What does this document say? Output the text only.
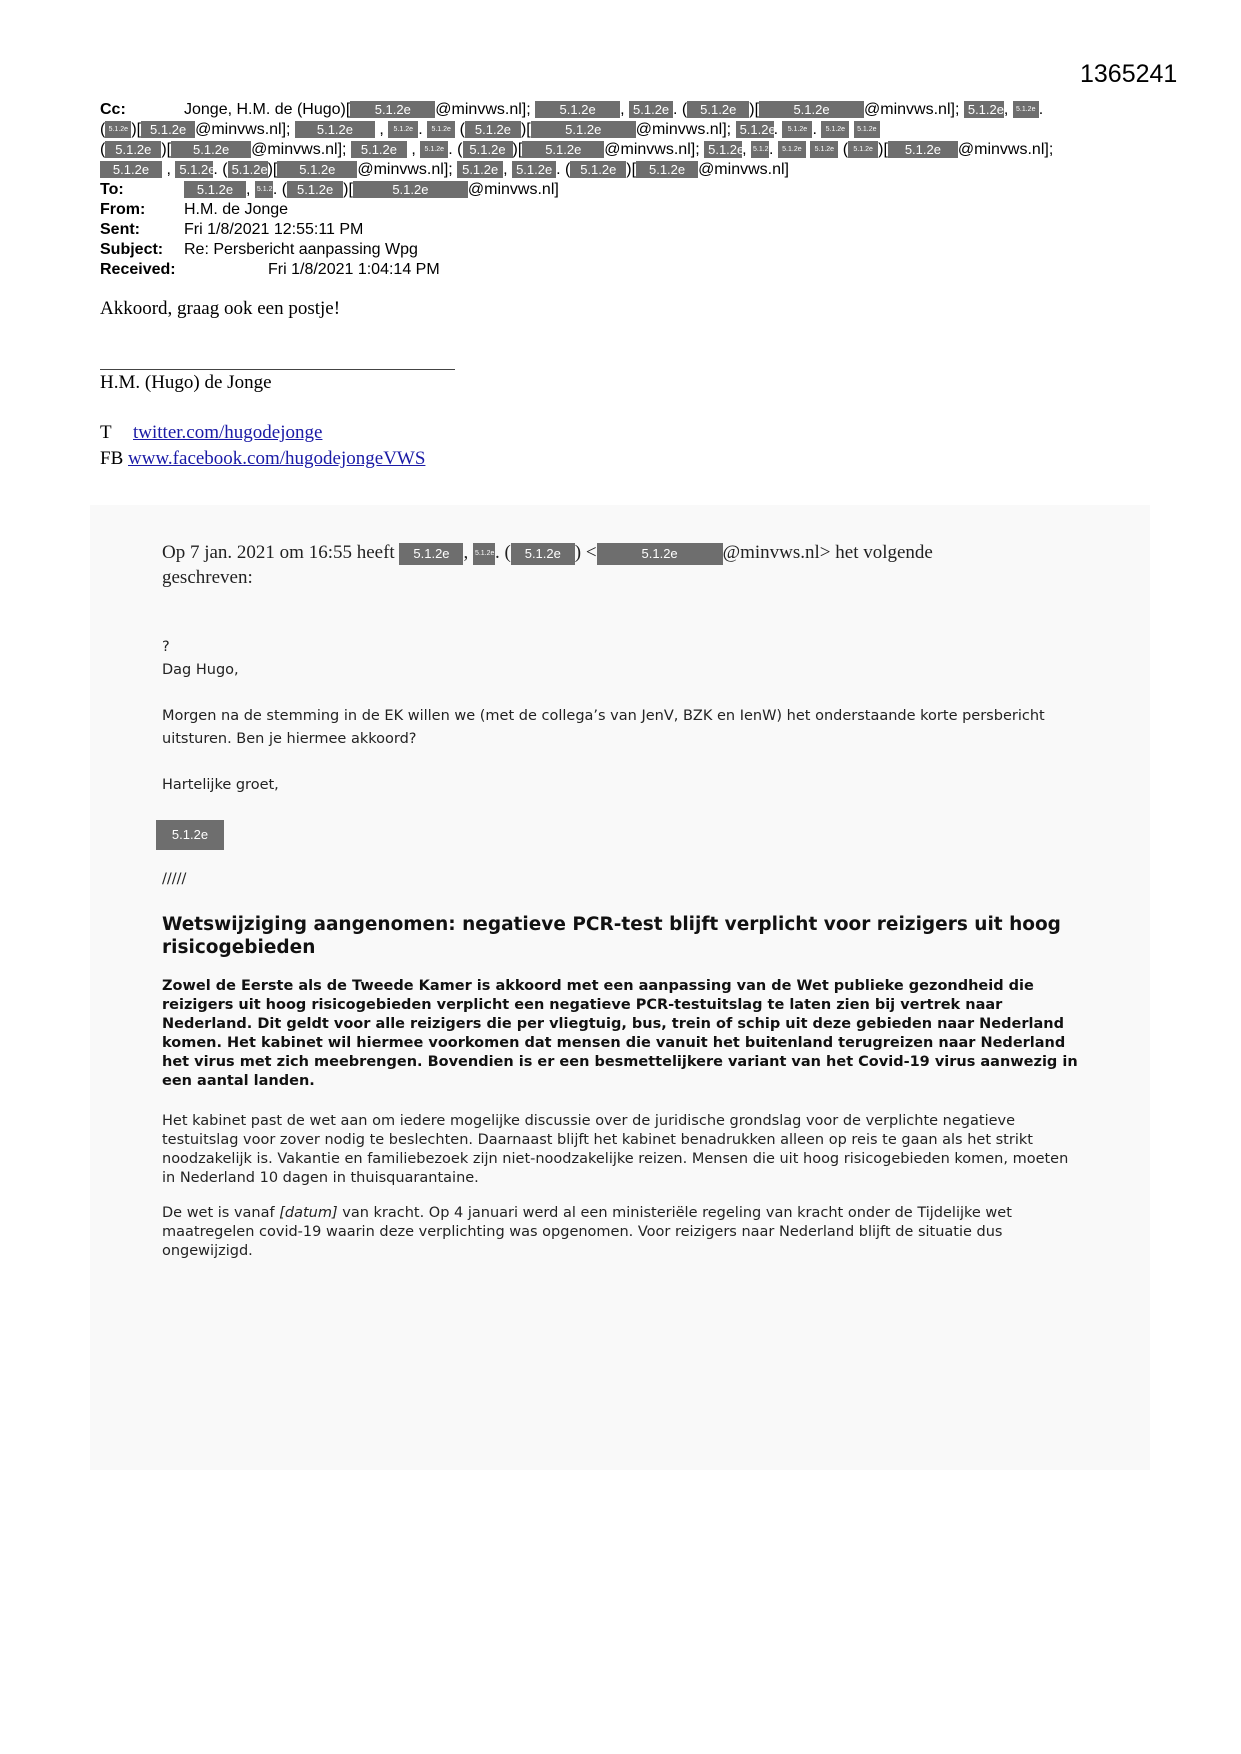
1365241
Cc:	Jonge, H.M. de (Hugo)[ 5.1.2e @minvws.nl]; 5.1.2e , 5.1.2e . ( 5.1.2e )[	5.1.2e @minvws.nl]; 5.1.2e, 5.1.2e .
( 5.1.2e )[ 5.1.2e @minvws.nl]; 5.1.2e , 5.1.2e . 5.1.2e ( 5.1.2e )[	5.1.2e @minvws.nl]; 5.1.2e. 5.1.2e . 5.1.2e 5.1.2e
( 5.1.2e )[ 5.1.2e @minvws.nl]; 5.1.2e , 5.1.2e . ( 5.1.2e )[ 5.1.2e @minvws.nl]; 5.1.2e, 5.1.2. 5.1.2e 5.1.2e ( 5.1.2e )[ 5.1.2e @minvws.nl];
5.1.2e , 5.1.2e. ( 5.1.2e)[ 5.1.2e @minvws.nl]; 5.1.2e , 5.1.2e . ( 5.1.2e )[ 5.1.2e @minvws.nl]
To:	5.1.2e , 5.1.2. ( 5.1.2e )[	5.1.2e @minvws.nl]
From: H.M. de Jonge
Sent:	Fri 1/8/2021 12:55:11 PM
Subject: Re: Persbericht aanpassing Wpg
Received:	Fri 1/8/2021 1:04:14 PM
Akkoord, graag ook een postje!
H.M. (Hugo) de Jonge
T twitter.com/hugodejonge
FB www.facebook.com/hugodejongeVWS
Op 7 jan. 2021 om 16:55 heeft 5.1.2e , 5.1.2e. ( 5.1.2e ) <	5.1.2e @minvws.nl> het volgende
geschreven:
?
Dag Hugo,
Morgen na de stemming in de EK willen we (met de collega’s van JenV, BZK en IenW) het onderstaande korte persbericht uitsturen. Ben je hiermee akkoord?
Hartelijke groet,
5.1.2e
/////
Wetswijziging aangenomen: negatieve PCR-test blijft verplicht voor reizigers uit hoog risicogebieden
Zowel de Eerste als de Tweede Kamer is akkoord met een aanpassing van de Wet publieke gezondheid die reizigers uit hoog risicogebieden verplicht een negatieve PCR-testuitslag te laten zien bij vertrek naar Nederland. Dit geldt voor alle reizigers die per vliegtuig, bus, trein of schip uit deze gebieden naar Nederland komen. Het kabinet wil hiermee voorkomen dat mensen die vanuit het buitenland terugreizen naar Nederland het virus met zich meebrengen. Bovendien is er een besmettelijkere variant van het Covid-19 virus aanwezig in een aantal landen.
Het kabinet past de wet aan om iedere mogelijke discussie over de juridische grondslag voor de verplichte negatieve testuitslag voor zover nodig te beslechten. Daarnaast blijft het kabinet benadrukken alleen op reis te gaan als het strikt noodzakelijk is. Vakantie en familiebezoek zijn niet-noodzakelijke reizen. Mensen die uit hoog risicogebieden komen, moeten in Nederland 10 dagen in thuisquarantaine.
De wet is vanaf [datum] van kracht. Op 4 januari werd al een ministeriële regeling van kracht onder de Tijdelijke wet maatregelen covid-19 waarin deze verplichting was opgenomen. Voor reizigers naar Nederland blijft de situatie dus ongewijzigd.
